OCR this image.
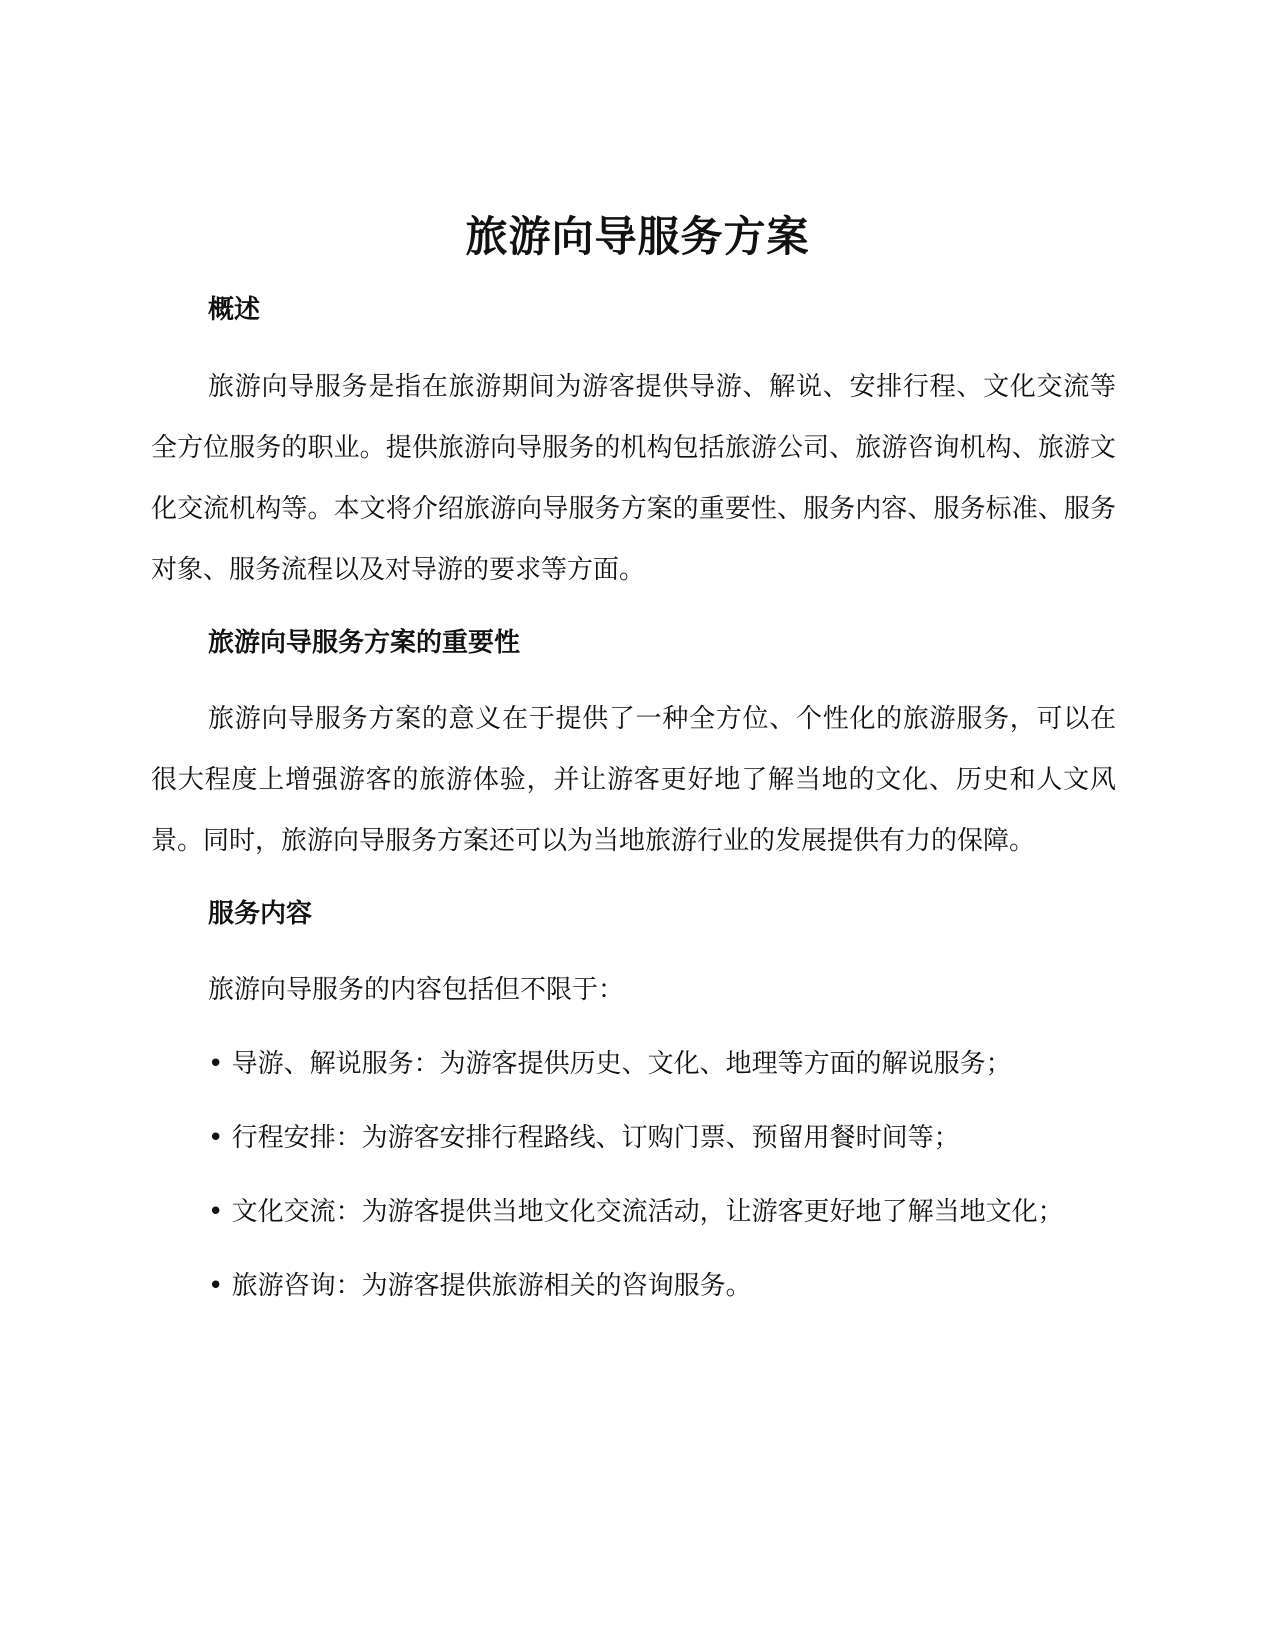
旅游向导服务方案

概述

旅游向导服务是指在旅游期间为游客提供导游、解说、安排行程、文化交流等全方位服务的职业。提供旅游向导服务的机构包括旅游公司、旅游咨询机构、旅游文化交流机构等。本文将介绍旅游向导服务方案的重要性、服务内容、服务标准、服务对象、服务流程以及对导游的要求等方面。

旅游向导服务方案的重要性

旅游向导服务方案的意义在于提供了一种全方位、个性化的旅游服务，可以在很大程度上增强游客的旅游体验，并让游客更好地了解当地的文化、历史和人文风景。同时，旅游向导服务方案还可以为当地旅游行业的发展提供有力的保障。

服务内容

旅游向导服务的内容包括但不限于：

• 导游、解说服务：为游客提供历史、文化、地理等方面的解说服务；

• 行程安排：为游客安排行程路线、订购门票、预留用餐时间等；

• 文化交流：为游客提供当地文化交流活动，让游客更好地了解当地文化；

• 旅游咨询：为游客提供旅游相关的咨询服务。
